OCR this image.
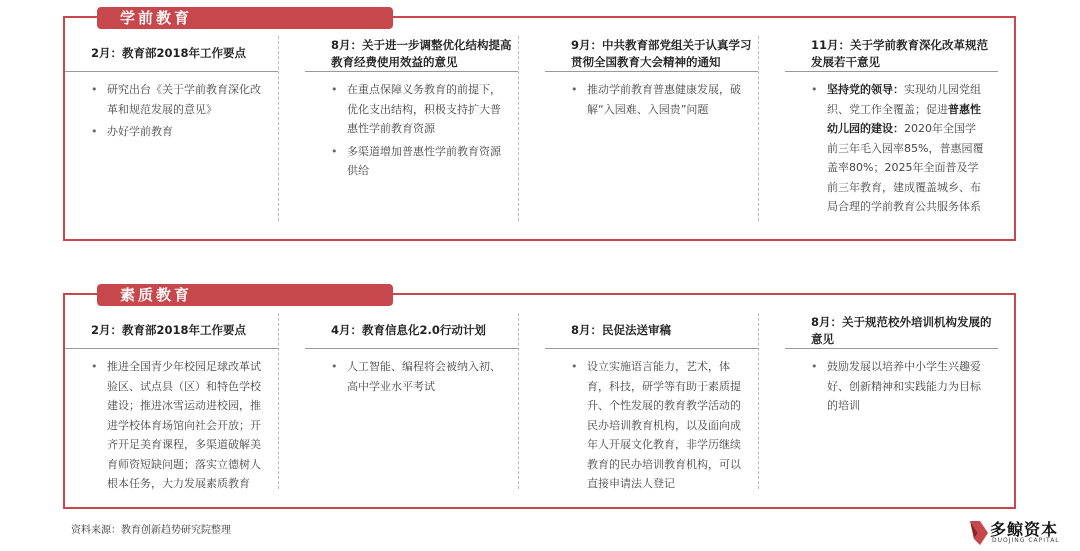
学前教育
2月：教育部2018年工作要点
• 研究出台《关于学前教育深化改革和规范发展的意见》
• 办好学前教育
8月：关于进一步调整优化结构提高教育经费使用效益的意见
• 在重点保障义务教育的前提下，优化支出结构，积极支持扩大普惠性学前教育资源
• 多渠道增加普惠性学前教育资源供给
9月：中共教育部党组关于认真学习贯彻全国教育大会精神的通知
• 推动学前教育普惠健康发展，破解“入园难、入园贵”问题
11月：关于学前教育深化改革规范发展若干意见
• 坚持党的领导：实现幼儿园党组织、党工作全覆盖；促进普惠性幼儿园的建设：2020年全国学前三年毛入园率85%，普惠园覆盖率80%；2025年全面普及学前三年教育，建成覆盖城乡、布局合理的学前教育公共服务体系
素质教育
2月：教育部2018年工作要点
• 推进全国青少年校园足球改革试验区、试点县（区）和特色学校建设；推进冰雪运动进校园，推进学校体育场馆向社会开放；开齐开足美育课程，多渠道破解美育师资短缺问题；落实立德树人根本任务，大力发展素质教育
4月：教育信息化2.0行动计划
• 人工智能、编程将会被纳入初、高中学业水平考试
8月：民促法送审稿
• 设立实施语言能力，艺术，体育，科技，研学等有助于素质提升、个性发展的教育教学活动的民办培训教育机构，以及面向成年人开展文化教育，非学历继续教育的民办培训教育机构，可以直接申请法人登记
8月：关于规范校外培训机构发展的意见
• 鼓励发展以培养中小学生兴趣爱好、创新精神和实践能力为目标的培训
资料来源：教育创新趋势研究院整理	多鲸资本
DUOJING CAPITAL
